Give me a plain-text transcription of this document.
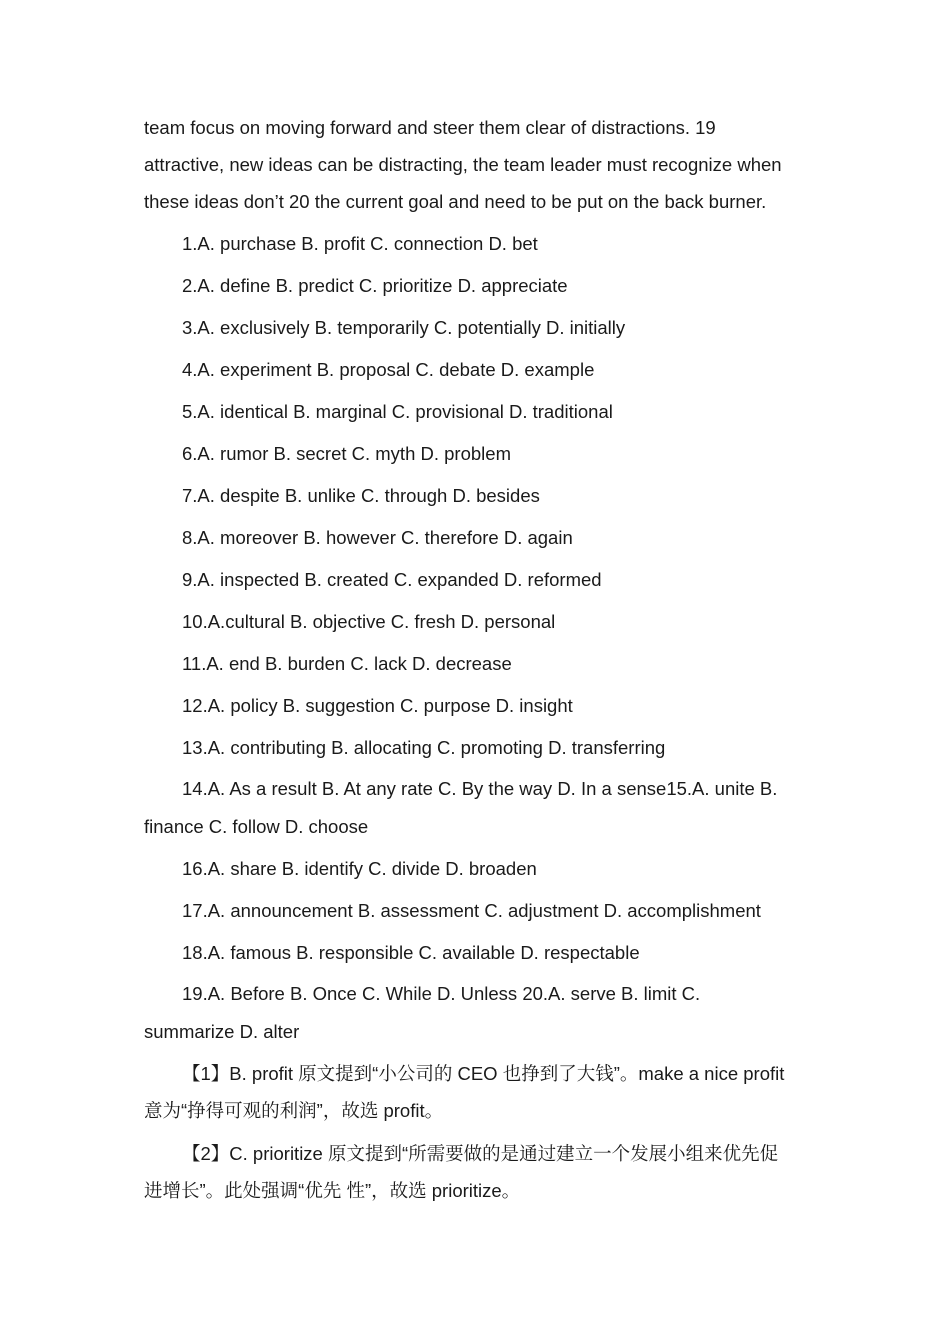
team focus on moving forward and steer them clear of distractions. 19
attractive, new ideas can be distracting, the team leader must recognize when
these ideas don’t 20 the current goal and need to be put on the back burner.
1.A. purchase B. profit C. connection D. bet
2.A. define B. predict C. prioritize D. appreciate
3.A. exclusively B. temporarily C. potentially D. initially
4.A. experiment B. proposal C. debate D. example
5.A. identical B. marginal C. provisional D. traditional
6.A. rumor B. secret C. myth D. problem
7.A. despite B. unlike C. through D. besides
8.A. moreover B. however C. therefore D. again
9.A. inspected B. created C. expanded D. reformed
10.A.cultural B. objective C. fresh D. personal
11.A. end B. burden C. lack D. decrease
12.A. policy B. suggestion C. purpose D. insight
13.A. contributing B. allocating C. promoting D. transferring
14.A. As a result B. At any rate C. By the way D. In a sense15.A. unite B.
finance C. follow D. choose
16.A. share B. identify C. divide D. broaden
17.A. announcement B. assessment C. adjustment D. accomplishment
18.A. famous B. responsible C. available D. respectable
19.A. Before B. Once C. While D. Unless 20.A. serve B. limit C.
summarize D. alter
【1】B. profit 原文提到“小公司的 CEO 也挣到了大钱”。make a nice profit
意为“挣得可观的利润”，故选 profit。
【2】C. prioritize 原文提到“所需要做的是通过建立一个发展小组来优先促
进增长”。此处强调“优先 性”，故选 prioritize。
